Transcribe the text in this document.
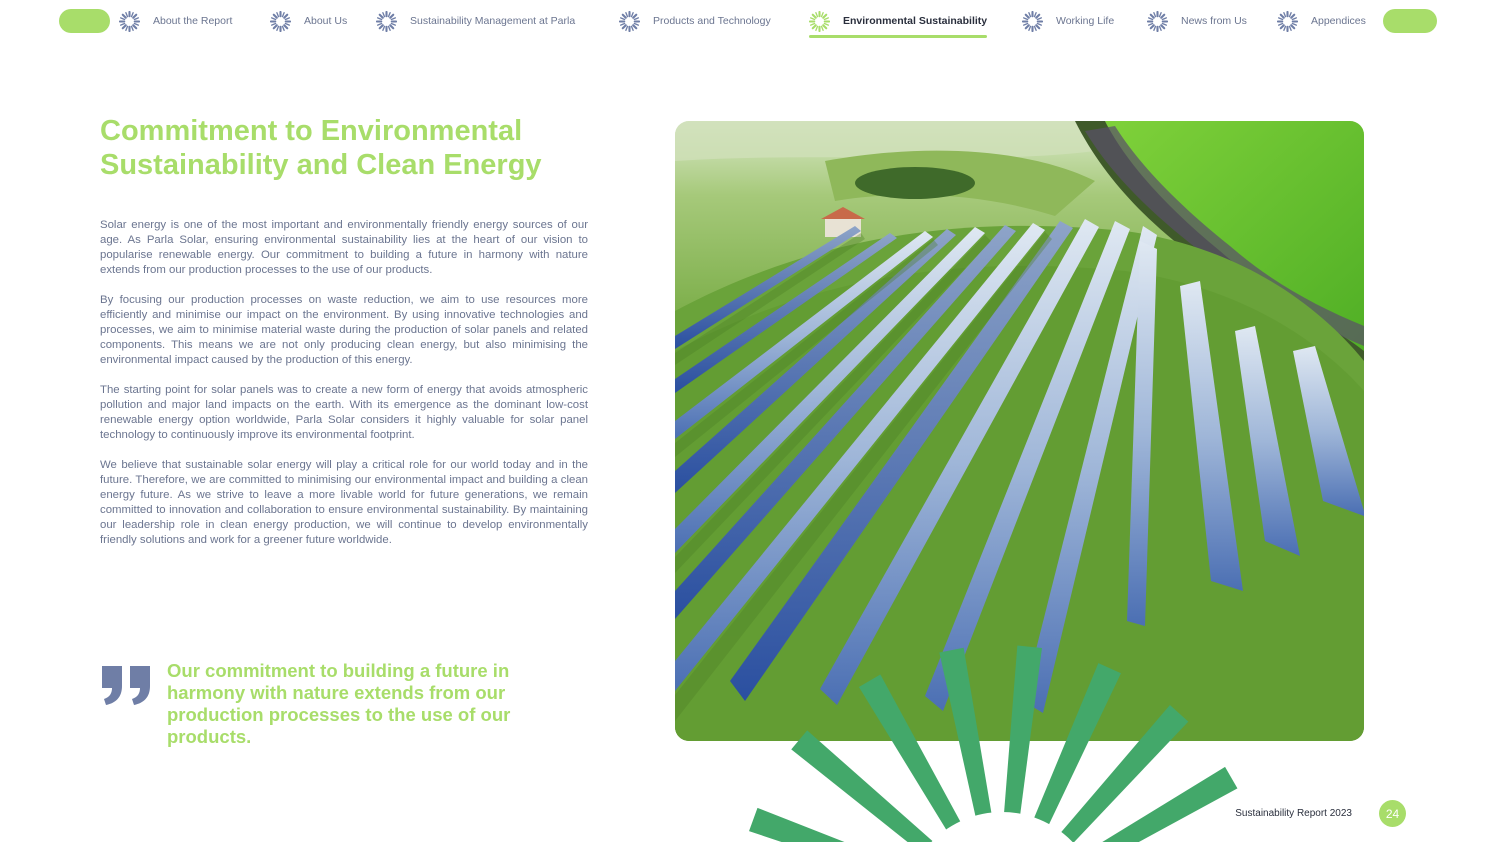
About the Report	About Us	Sustainability Management at Parla	Products and Technology	Environmental Sustainability	Working Life	News from Us	Appendices
Commitment to Environmental Sustainability and Clean Energy

Solar energy is one of the most important and environmentally friendly energy sources of our age. As Parla Solar, ensuring environmental sustainability lies at the heart of our vision to popularise renewable energy. Our commitment to building a future in harmony with nature extends from our production processes to the use of our products.

By focusing our production processes on waste reduction, we aim to use resources more efficiently and minimise our impact on the environment. By using innovative technologies and processes, we aim to minimise material waste during the production of solar panels and related components. This means we are not only producing clean energy, but also minimising the environmental impact caused by the production of this energy.

The starting point for solar panels was to create a new form of energy that avoids atmospheric pollution and major land impacts on the earth. With its emergence as the dominant low-cost renewable energy option worldwide, Parla Solar considers it highly valuable for solar panel technology to continuously improve its environmental footprint.

We believe that sustainable solar energy will play a critical role for our world today and in the future. Therefore, we are committed to minimising our environmental impact and building a clean energy future. As we strive to leave a more livable world for future generations, we remain committed to innovation and collaboration to ensure environmental sustainability. By maintaining our leadership role in clean energy production, we will continue to develop environmentally friendly solutions and work for a greener future worldwide.

Our commitment to building a future in harmony with nature extends from our production processes to the use of our products.
Sustainability Report 2023	24
